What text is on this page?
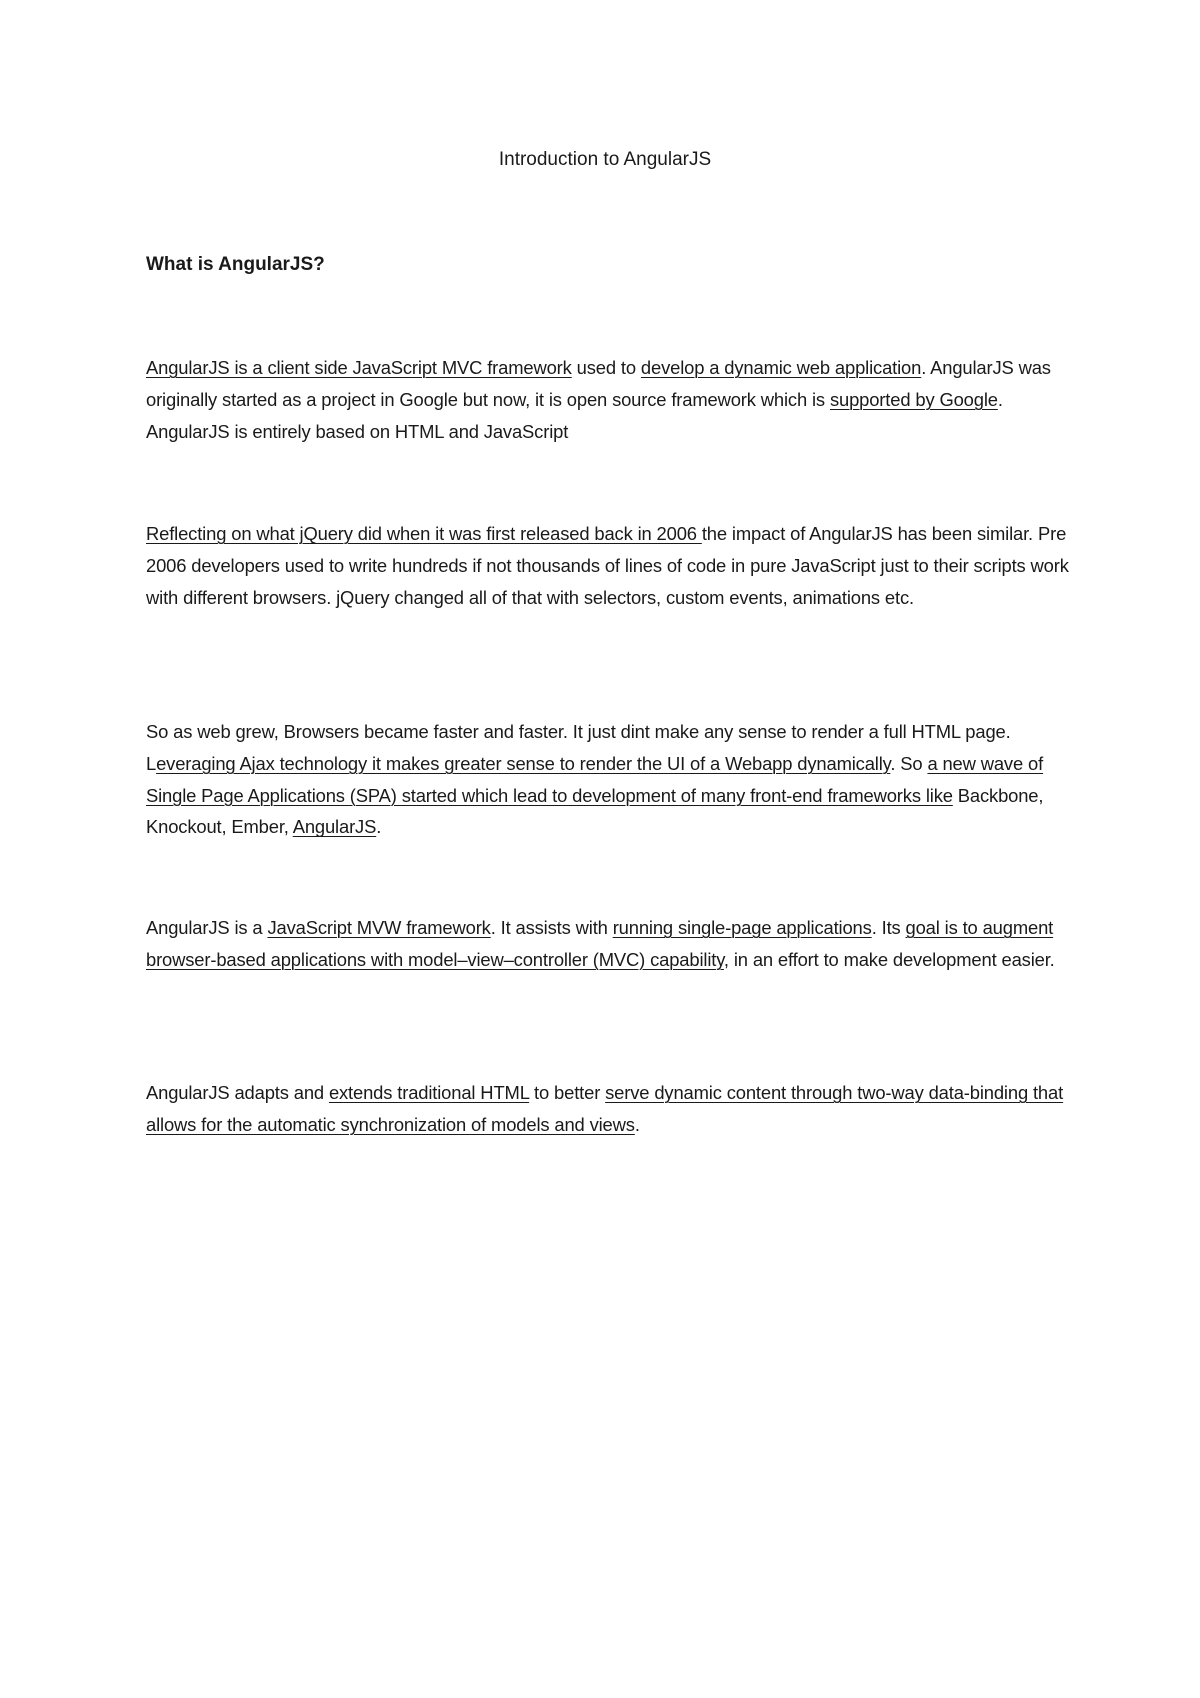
Introduction to AngularJS
What is AngularJS?

AngularJS is a client side JavaScript MVC framework used to develop a dynamic web application. AngularJS was originally started as a project in Google but now, it is open source framework which is supported by Google. AngularJS is entirely based on HTML and JavaScript

Reflecting on what jQuery did when it was first released back in 2006 the impact of AngularJS has been similar. Pre 2006 developers used to write hundreds if not thousands of lines of code in pure JavaScript just to their scripts work with different browsers. jQuery changed all of that with selectors, custom events, animations etc.

So as web grew, Browsers became faster and faster. It just dint make any sense to render a full HTML page. Leveraging Ajax technology it makes greater sense to render the UI of a Webapp dynamically. So a new wave of Single Page Applications (SPA) started which lead to development of many front-end frameworks like Backbone, Knockout, Ember, AngularJS.

AngularJS is a JavaScript MVW framework. It assists with running single-page applications. Its goal is to augment browser-based applications with model–view–controller (MVC) capability, in an effort to make development easier.

AngularJS adapts and extends traditional HTML to better serve dynamic content through two-way data-binding that allows for the automatic synchronization of models and views.
